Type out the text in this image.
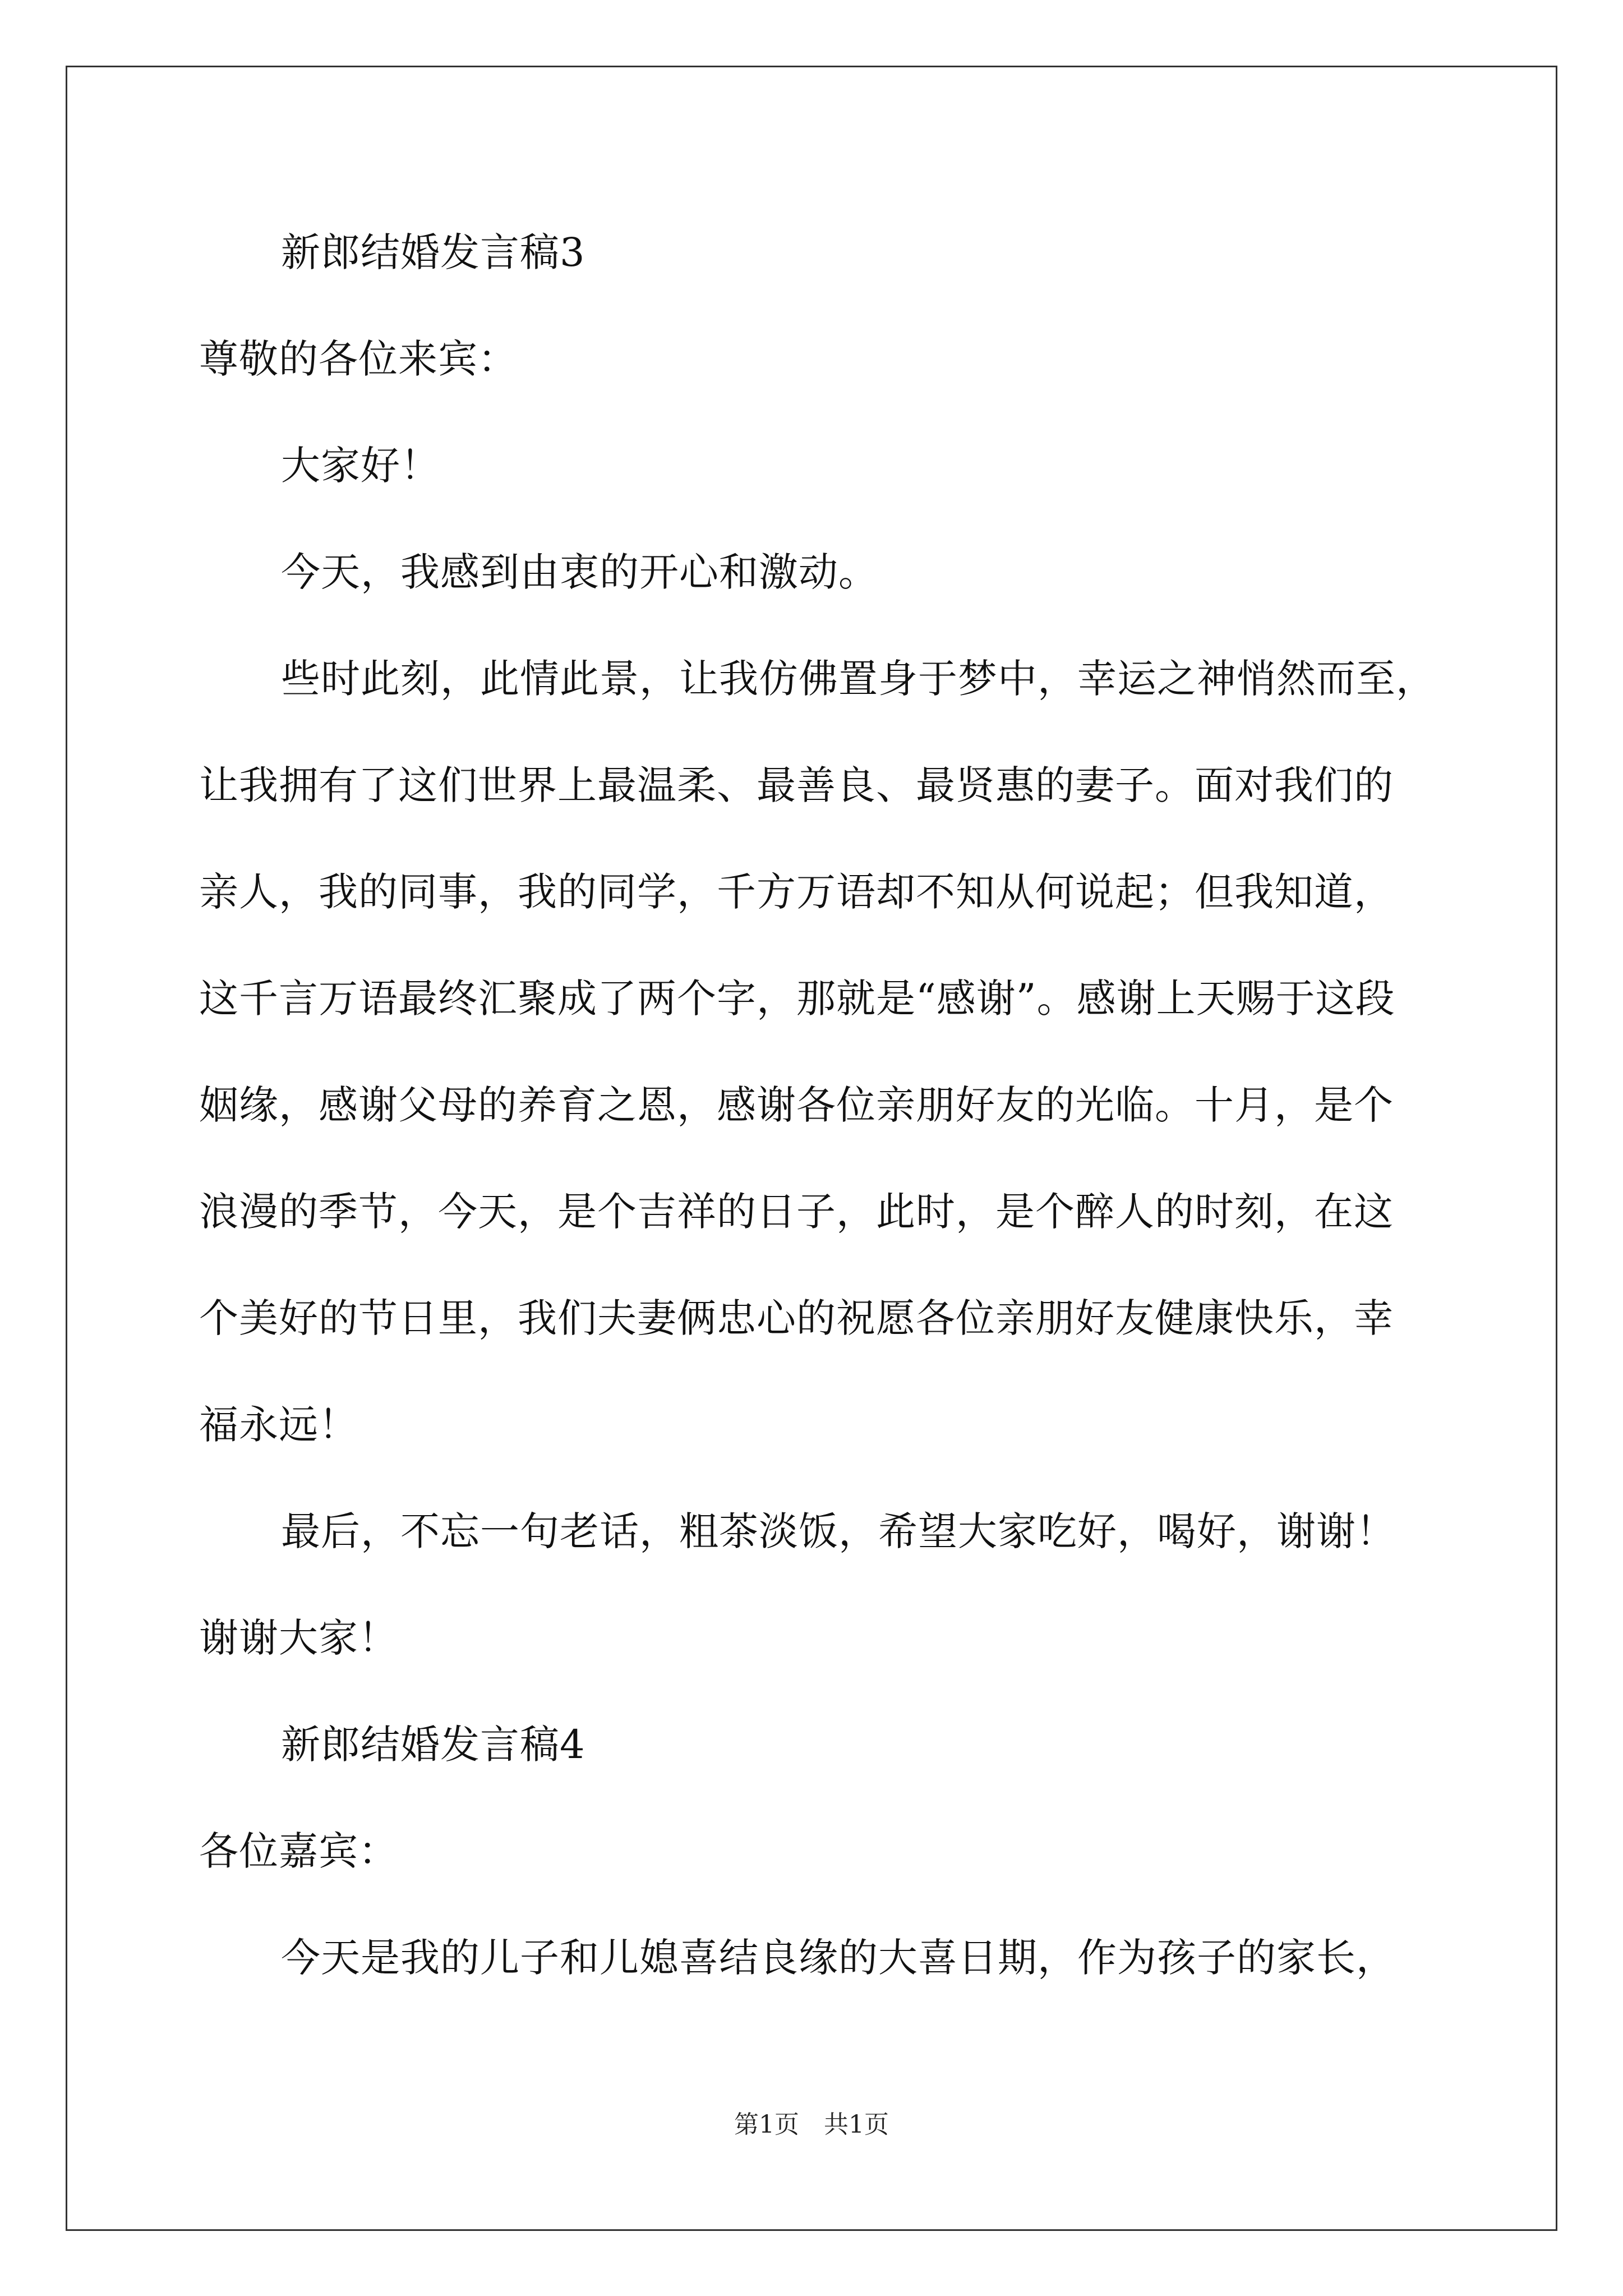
新郎结婚发言稿3
尊敬的各位来宾：
大家好！
今天，我感到由衷的开心和激动。
些时此刻，此情此景，让我仿佛置身于梦中，幸运之神悄然而至，
让我拥有了这们世界上最温柔、最善良、最贤惠的妻子。面对我们的
亲人，我的同事，我的同学，千方万语却不知从何说起；但我知道，
这千言万语最终汇聚成了两个字，那就是“感谢”。感谢上天赐于这段
姻缘，感谢父母的养育之恩，感谢各位亲朋好友的光临。十月，是个
浪漫的季节，今天，是个吉祥的日子，此时，是个醉人的时刻，在这
个美好的节日里，我们夫妻俩忠心的祝愿各位亲朋好友健康快乐，幸
福永远！
最后，不忘一句老话，粗茶淡饭，希望大家吃好，喝好，谢谢！
谢谢大家！
新郎结婚发言稿4
各位嘉宾：
今天是我的儿子和儿媳喜结良缘的大喜日期，作为孩子的家长，
第1页　共1页
